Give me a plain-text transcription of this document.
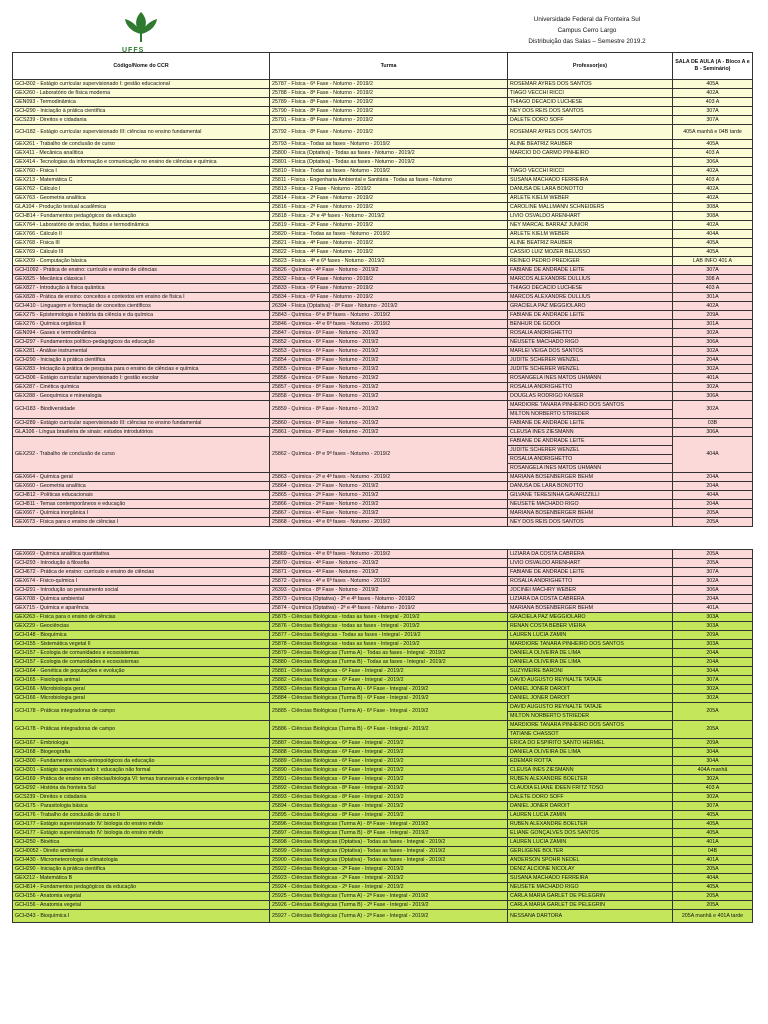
UFFS
Universidade Federal da Fronteira Sul
Campus Cerro Largo
Distribuição das Salas – Semestre 2019.2
Código/Nome do CCR	Turma	Professor(es)	SALA DE AULA (A - Bloco A e B - Seminário)
GCH302 - Estágio curricular supervisionado I: gestão educacional	25787 - Física - 6ª Fase - Noturno - 2019/2	ROSEMAR AYRES DOS SANTOS	405A
GEX260 - Laboratório de física moderna	25788 - Física - 8ª Fase - Noturno - 2019/2	TIAGO VECCHI RICCI	402A
GEN093 - Termodinâmica	25789 - Física - 8ª Fase - Noturno - 2019/2	THIAGO DECACIO LUCHESE	403 A
GCH290 - Iniciação à prática científica	25790 - Física - 8ª Fase - Noturno - 2019/2	NEY DOS REIS DOS SANTOS	307A
GCS239 - Direitos e cidadania	25791 - Física - 8ª Fase - Noturno - 2019/2	DALETE DORO SOFF	307A
GCH182 - Estágio curricular supervisionado III: ciências no ensino fundamental	25792 - Física - 8ª Fase - Noturno - 2019/2	ROSEMAR AYRES DOS SANTOS	405A manhã e 04B tarde
GEX261 - Trabalho de conclusão de curso	25793 - Física - Todas as fases - Noturno - 2019/2	ALINE BEATRIZ RAUBER	405A
GEX411 - Mecânica analítica	25800 - Física (Optativa) - Todas as fases - Noturno - 2019/2	MARCIO DO CARMO PINHEIRO	403 A
GEX414 - Tecnologias da informação e comunicação no ensino de ciências e química	25801 - Física (Optativa) - Todas as fases - Noturno - 2019/2		306A
GEX760 - Física I	25810 - Física - Todas as fases - Noturno - 2019/2	TIAGO VECCHI RICCI	402A
GEX213 - Matemática C	25811 - Física - Engenharia Ambiental e Sanitária - Todas as fases - Noturno	SUSANA MACHADO FERREIRA	403 A
GEX762 - Cálculo I	25813 - Física - 2 Fase - Noturno - 2019/2	DANUSA DE LARA BONOTTO	402A
GEX763 - Geometria analítica	25814 - Física - 2ª Fase - Noturno - 2019/2	ARLETE KIELM WEBER	402A
GLA104 - Produção textual acadêmica	25816 - Física - 2ª Fase - Noturno - 2019/2	CAROLINE MALLMANN SCHNEIDERS	308A
GCH814 - Fundamentos pedagógicos da educação	25818 - Física - 2ª e 4ª fases - Noturno - 2019/2	LIVIO OSVALDO ARENHART	308A
GEX764 - Laboratório de ondas, fluidos e termodinâmica	25819 - Física - 2ª Fase - Noturno - 2019/2	NEY MARCAL BARRAZ JUNIOR	402A
GEX766 - Cálculo II	25820 - Física - Todas as fases - Noturno - 2019/2	ARLETE KIELM WEBER	404A
GEX768 - Física III	25821 - Física - 4ª Fase - Noturno - 2019/2	ALINE BEATRIZ RAUBER	405A
GEX769 - Cálculo III	25822 - Física - 4ª Fase - Noturno - 2019/2	CASSIO LUIZ MOZER BELUSSO	405A
GEX209 - Computação básica	25823 - Física - 4ª e 6ª fases - Noturno - 2019/2	REINEO PEDRO PREDIGER	LAB INFO 401 A
GCH1092 - Prática de ensino: currículo e ensino de ciências	25826 - Química - 4ª Fase - Noturno - 2019/2	FABIANE DE ANDRADE LEITE	307A
GEX825 - Mecânica clássica I	25832 - Física - 6ª Fase - Noturno - 2019/2	MARCOS ALEXANDRE DULLIUS	308 A
GEX827 - Introdução à física quântica	25833 - Física - 6ª Fase - Noturno - 2019/2	THIAGO DECACIO LUCHESE	403 A
GEX828 - Prática de ensino: conceitos e contextos em ensino de física I	25834 - Física - 6ª Fase - Noturno - 2019/2	MARCOS ALEXANDRE DULLIUS	301A
GCH410 - Linguagem e formação de conceitos científicos	26394 - Física (Optativa) - 8ª Fase - Noturno - 2019/2	GRACIELA PAZ MEGGIOLARO	402A
GEX275 - Epistemologia e história da ciência e da química	25843 - Química - 6ª e 8ª fases - Noturno - 2019/2	FABIANE DE ANDRADE LEITE	209A
GEX276 - Química orgânica II	25846 - Química - 4ª e 6ª fases - Noturno - 2019/2	BENHUR DE GODOI	301A
GEN094 - Gases e termodinâmica	25847 - Química - 6ª Fase - Noturno - 2019/2	ROSALIA ANDRIGHETTO	302A
GCH297 - Fundamentos político-pedagógicos da educação	25852 - Química - 6ª Fase - Noturno - 2019/2	NEUSETE MACHADO RIGO	306A
GEX281 - Análise instrumental	25853 - Química - 6ª Fase - Noturno - 2019/2	MARLEI VEIGA DOS SANTOS	302A
GCH290 - Iniciação à prática científica	25854 - Química - 8ª Fase - Noturno - 2019/2	JUDITE SCHERER WENZEL	204A
GEX283 - Iniciação à prática de pesquisa para o ensino de ciências e química	25855 - Química - 8ª Fase - Noturno - 2019/2	JUDITE SCHERER WENZEL	302A
GCH306 - Estágio curricular supervisionado I: gestão escolar	25856 - Química - 6ª Fase - Noturno - 2019/2	ROSANGELA INES MATOS UHMANN	401A
GEX287 - Cinética química	25857 - Química - 8ª Fase - Noturno - 2019/2	ROSALIA ANDRIGHETTO	302A
GEX288 - Geoquímica e mineralogia	25858 - Química - 8ª Fase - Noturno - 2019/2	DOUGLAS RODRIGO KAISER	306A
GCH183 - Biodiversidade	25859 - Química - 8ª Fase - Noturno - 2019/2	MARDIORE TANARA PINHEIRO DOS SANTOS	302A
		MILTON NORBERTO STRIEDER	
GCH289 - Estágio curricular supervisionado III: ciências no ensino fundamental	25860 - Química - 8ª Fase - Noturno - 2019/2	FABIANE DE ANDRADE LEITE	03B
GLA106 - Língua brasileira de sinais: estudos introdutórios	25861 - Química - 8ª Fase - Noturno - 2019/2	CLEUSA INES ZIESMANN	306A
GEX292 - Trabalho de conclusão de curso	25862 - Química - 8ª e 9ª fases - Noturno - 2019/2	FABIANE DE ANDRADE LEITE	404A
		JUDITE SCHERER WENZEL	
		ROSALIA ANDRIGHETTO	
		ROSANGELA INES MATOS UHMANN	
GEX664 - Química geral	25863 - Química - 2ª e 4ª fases - Noturno - 2019/2	MARIANA BOSENBERGER BEHM	204A
GEX660 - Geometria analítica	25864 - Química - 2ª Fase - Noturno - 2019/2	DANUSA DE LARA BONOTTO	204A
GCH812 - Políticas educacionais	25865 - Química - 2ª Fase - Noturno - 2019/2	GILVANE TERESINHA GAVARIZZILLI	404A
GCH811 - Temas contemporâneos e educação	25866 - Química - 2ª Fase - Noturno - 2019/2	NEUSETE MACHADO RIGO	204A
GEX667 - Química inorgânica I	25867 - Química - 4ª Fase - Noturno - 2019/2	MARIANA BOSENBERGER BEHM	205A
GEX673 - Física para o ensino de ciências I	25868 - Química - 4ª e 6ª fases - Noturno - 2019/2	NEY DOS REIS DOS SANTOS	205A
GEX669 - Química analítica quantitativa	25869 - Química - 4ª e 6ª fases - Noturno - 2019/2	LIZIARA DA COSTA CABRERA	205A
GCH293 - Introdução à filosofia	25870 - Química - 4ª Fase - Noturno - 2019/2	LIVIO OSVALDO ARENHART	205A
GCH672 - Prática de ensino: currículo e ensino de ciências	25871 - Química - 4ª Fase - Noturno - 2019/2	FABIANE DE ANDRADE LEITE	307A
GEX674 - Físico-química I	25872 - Química - 4ª e 6ª fases - Noturno - 2019/2	ROSALIA ANDRIGHETTO	302A
GCH291 - Introdução ao pensamento social	26393 - Química - 8ª Fase - Noturno - 2019/2	JOCINEI MACHRY WEBER	306A
GEX708 - Química ambiental	25873 - Química (Optativa) - 2ª e 4ª fases - Noturno - 2019/2	LIZIARA DA COSTA CABRERA	204A
GEX715 - Química e aparência	25874 - Química (Optativa) - 2ª e 4ª fases - Noturno - 2019/2	MARIANA BOSENBERGER BEHM	401A
GEX263 - Física para o ensino de ciências	25875 - Ciências Biológicas - todas as fases - Integral - 2019/2	GRACIELA PAZ MEGGIOLARO	303A
GEX229 - Geociências	25876 - Ciências Biológicas - todas as fases - Integral - 2019/2	RENAN COSTA BEBER VIEIRA	303A
GCH148 - Bioquímica	25877 - Ciências Biológicas - Todas as fases - Integral - 2019/2	LAUREN LUCIA ZAMIN	209A
GCH155 - Sistemática vegetal II	25878 - Ciências Biológicas - todas as fases - Integral - 2019/2	MARDIORE TANARA PINHEIRO DOS SANTOS	303A
GCH157 - Ecologia de comunidades e ecossistemas	25879 - Ciências Biológicas (Turma A) - Todas as fases - Integral - 2019/2	DANIELA OLIVEIRA DE LIMA	204A
GCH157 - Ecologia de comunidades e ecossistemas	25880 - Ciências Biológicas (Turma B) - Todas as fases - Integral - 2019/2	DANIELA OLIVEIRA DE LIMA	204A
GCH164 - Genética de populações e evolução	25881 - Ciências Biológicas - 6ª Fase - Integral - 2019/2	SUZYMEIRE BARONI	304A
GCH165 - Fisiologia animal	25882 - Ciências Biológicas - 6ª Fase - Integral - 2019/2	DAVID AUGUSTO REYNALTE TATAJE	307A
GCH166 - Microbiologia geral	25883 - Ciências Biológicas (Turma A) - 6ª Fase - Integral - 2019/2	DANIEL JONER DAROIT	302A
GCH166 - Microbiologia geral	25884 - Ciências Biológicas (Turma B) - 6ª Fase - Integral - 2019/2	DANIEL JONER DAROIT	302A
GCH178 - Práticas integradoras de campo	25885 - Ciências Biológicas (Turma A) - 6ª Fase - Integral - 2019/2	DAVID AUGUSTO REYNALTE TATAJE	205A
		MILTON NORBERTO STRIEDER	
GCH178 - Práticas integradoras de campo	25886 - Ciências Biológicas (Turma B) - 6ª Fase - Integral - 2019/2	MARDIORE TANARA PINHEIRO DOS SANTOS	205A
		TATIANE CHASSOT	
GCH167 - Embriologia	25887 - Ciências Biológicas - 6ª Fase - Integral - 2019/2	ERICA DO ESPIRITO SANTO HERMEL	209A
GCH168 - Biogeografia	25888 - Ciências Biológicas - 6ª Fase - Integral - 2019/2	DANIELA OLIVEIRA DE LIMA	304A
GCH300 - Fundamentos sócio-antropológicos da educação	25889 - Ciências Biológicas - 6ª Fase - Integral - 2019/2	EDEMAR ROTTA	304A
GCH301 - Estágio supervisionado I: educação não formal	25890 - Ciências Biológicas - 6ª Fase - Integral - 2019/2	CLEUSA INES ZIESMANN	404A manhã
GCH169 - Prática de ensino em ciências/biologia VI: temas transversais e contemporâne	25891 - Ciências Biológicas - 6ª Fase - Integral - 2019/2	RUBEN ALEXANDRE BOELTER	302A
GCH292 - História da fronteira Sul	25892 - Ciências Biológicas - 8ª Fase - Integral - 2019/2	CLAUDIA ELIANE IDEEN FRITZ TOSO	403 A
GCS239 - Direitos e cidadania	25893 - Ciências Biológicas - 8ª Fase - Integral - 2019/2	DALETE DORO SOFF	302A
GCH175 - Parasitologia básica	25894 - Ciências Biológicas - 8ª Fase - Integral - 2019/2	DANIEL JONER DAROIT	307A
GCH176 - Trabalho de conclusão de curso II	25895 - Ciências Biológicas - 8ª Fase - Integral - 2019/2	LAUREN LUCIA ZAMIN	405A
GCH177 - Estágio supervisionado IV: biologia do ensino médio	25896 - Ciências Biológicas (Turma A) - 8ª Fase - Integral - 2019/2	RUBEN ALEXANDRE BOELTER	405A
GCH177 - Estágio supervisionado IV: biologia do ensino médio	25897 - Ciências Biológicas (Turma B) - 8ª Fase - Integral - 2019/2	ELIANE GONÇALVES DOS SANTOS	405A
GCH250 - Bioética	25898 - Ciências Biológicas (Optativa) - Todas as fases - Integral - 2019/2	LAUREN LUCIA ZAMIN	401A
GCH0052 - Direito ambiental	25899 - Ciências Biológicas (Optativa) - Todas as fases - Integral - 2019/2	GERLIGENE BOLTER	04B
GCH430 - Micrometeorologia e climatologia	25900 - Ciências Biológicas (Optativa) - Todas as fases - Integral - 2019/2	ANDERSON SPOHR NEDEL	401A
GCH290 - Iniciação à prática científica	25922 - Ciências Biológicas - 2ª Fase - Integral - 2019/2	DENIZ ALCIONE NICOLAY	205A
GEX212 - Matemática B	25923 - Ciências Biológicas - 2ª Fase - Integral - 2019/2	SUSANA MACHADO FERREIRA	404A
GCH814 - Fundamentos pedagógicos da educação	25924 - Ciências Biológicas - 2ª Fase - Integral - 2019/2	NEUSETE MACHADO RIGO	405A
GCH156 - Anatomia vegetal	25925 - Ciências Biológicas (Turma A) - 2ª Fase - Integral - 2019/2	CARLA MARIA GARLET DE PELEGRIN	205A
GCH156 - Anatomia vegetal	25926 - Ciências Biológicas (Turma B) - 2ª Fase - Integral - 2019/2	CARLA MARIA GARLET DE PELEGRIN	205A
GCH343 - Bioquímica I	25927 - Ciências Biológicas (Turma A) - 2ª Fase - Integral - 2019/2	NESSANA DARTORA	205A manhã e 401A tarde
